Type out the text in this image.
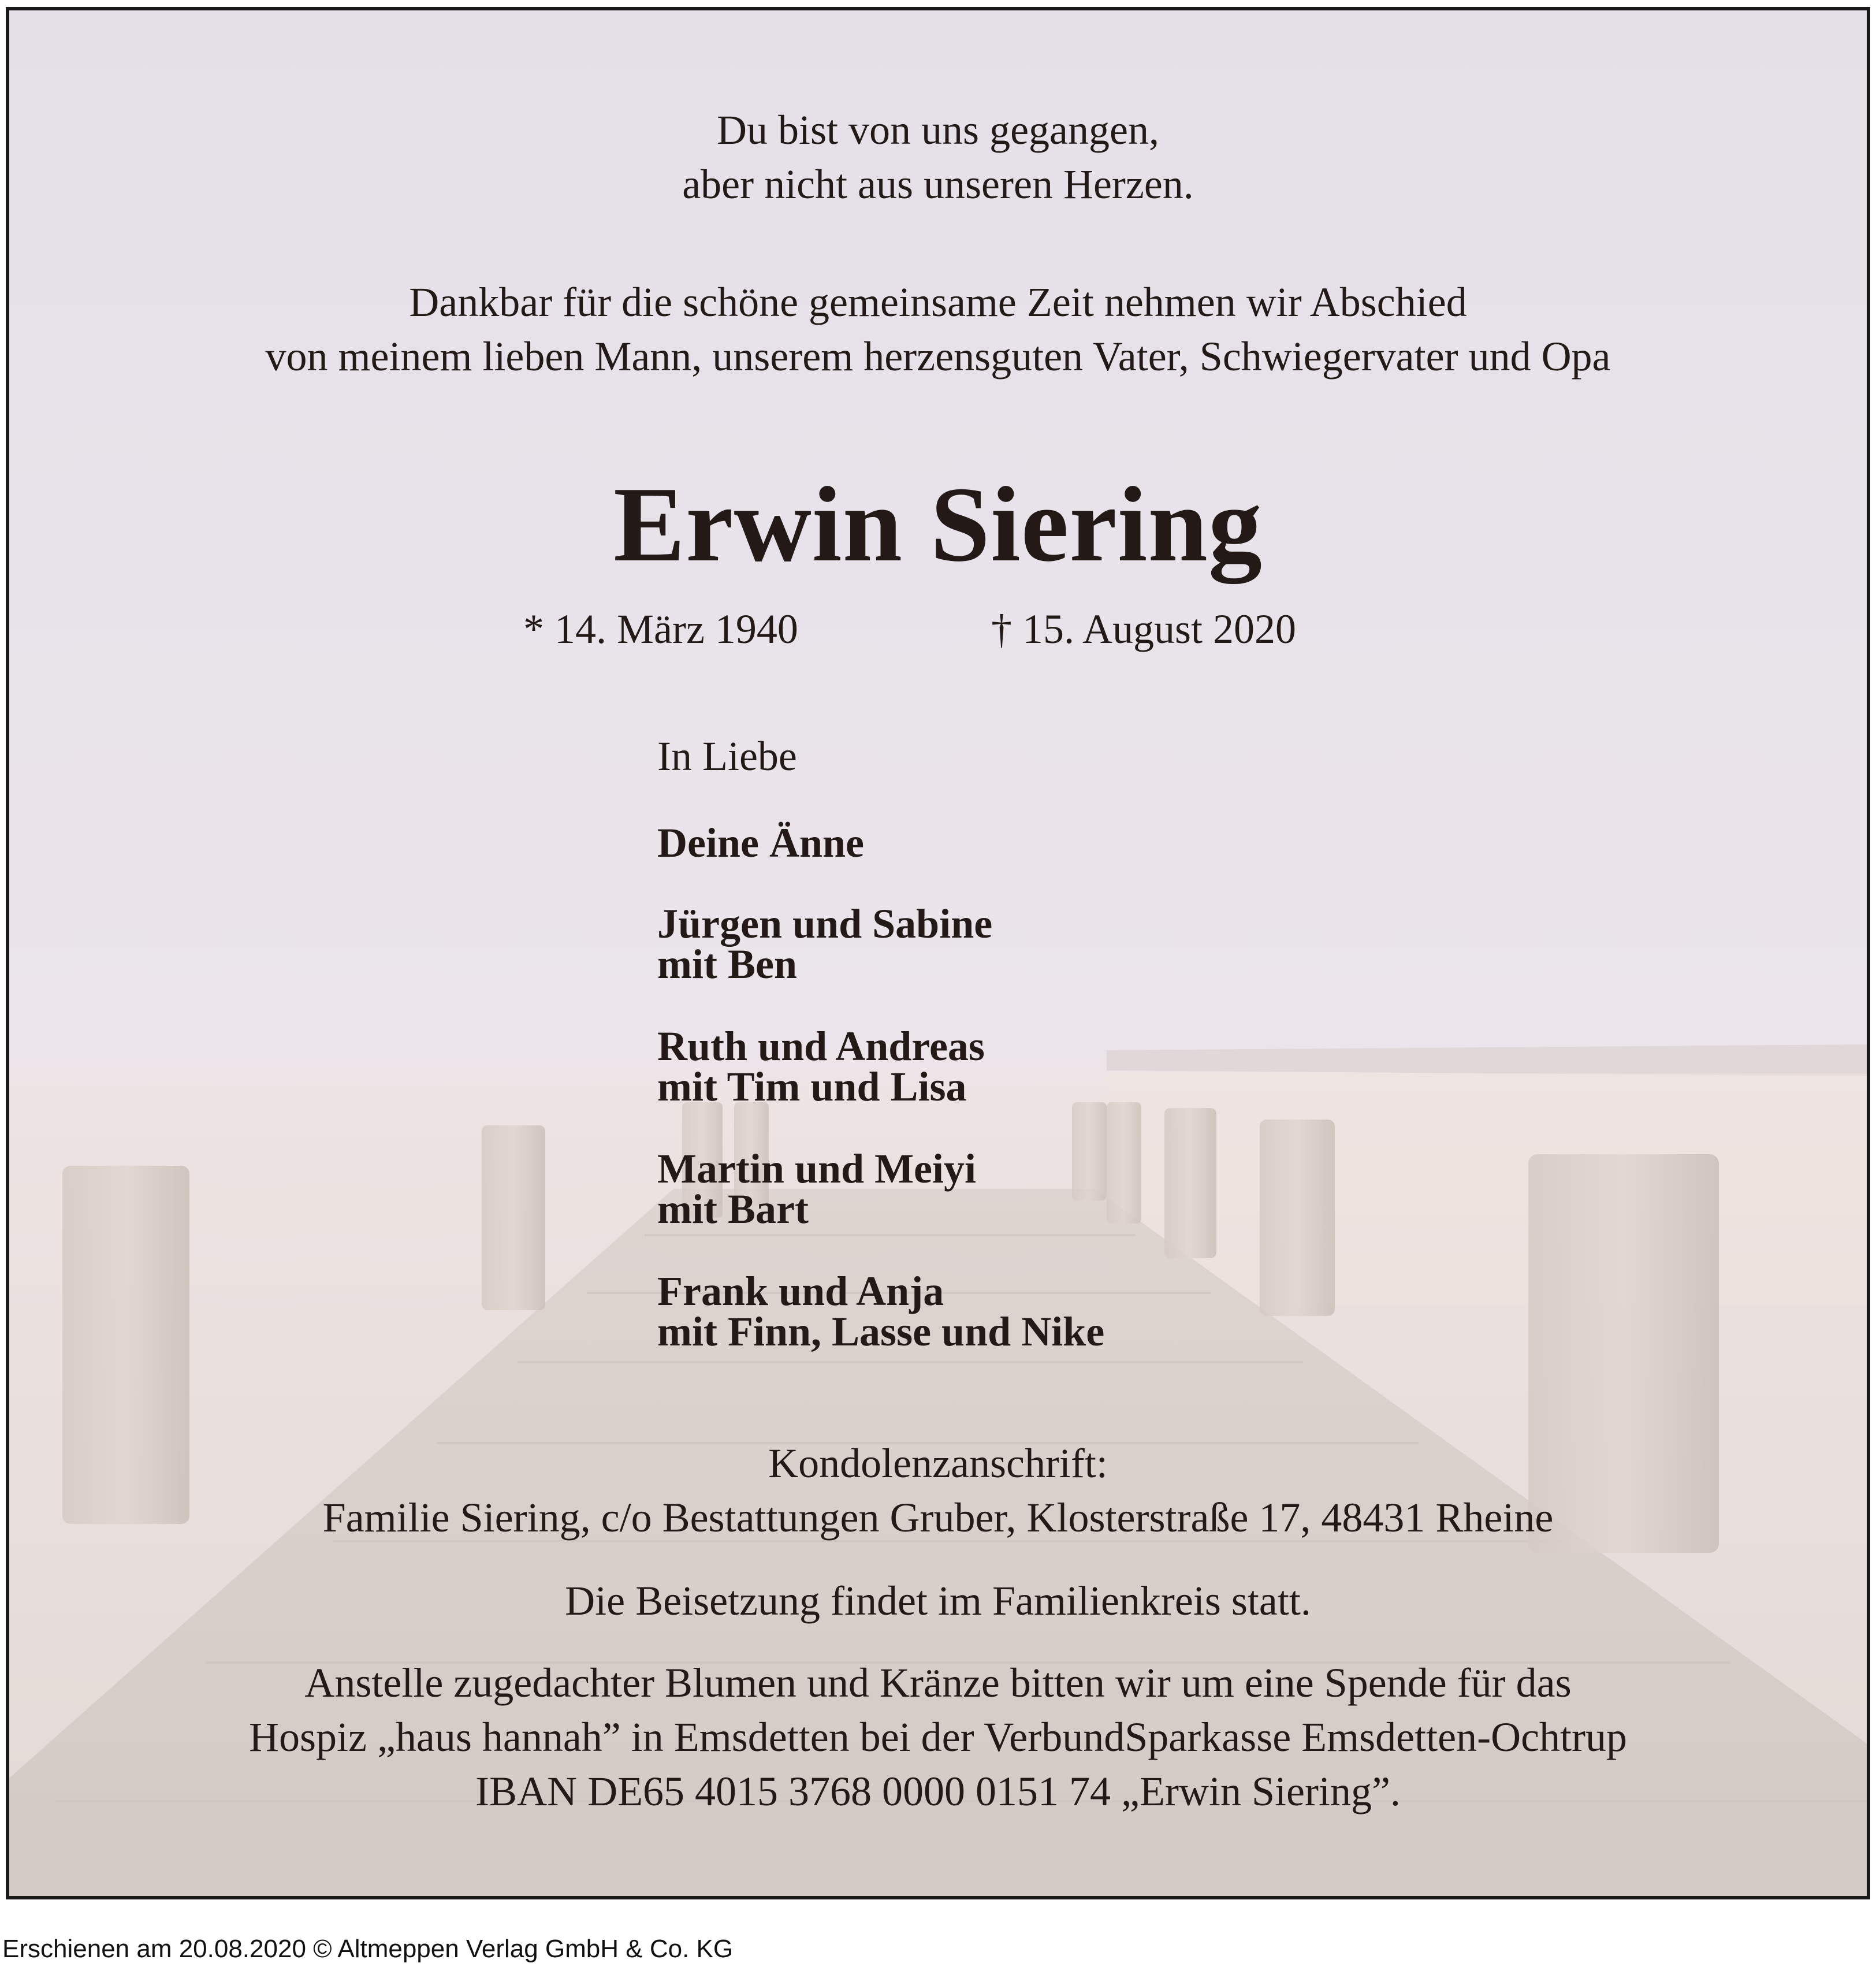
Du bist von uns gegangen,
aber nicht aus unseren Herzen.
Dankbar für die schöne gemeinsame Zeit nehmen wir Abschied
von meinem lieben Mann, unserem herzensguten Vater, Schwiegervater und Opa
Erwin Siering
* 14. März 1940	† 15. August 2020
In Liebe
Deine Änne
Jürgen und Sabine
mit Ben
Ruth und Andreas
mit Tim und Lisa
Martin und Meiyi
mit Bart
Frank und Anja
mit Finn, Lasse und Nike
Kondolenzanschrift:
Familie Siering, c/o Bestattungen Gruber, Klosterstraße 17, 48431 Rheine
Die Beisetzung findet im Familienkreis statt.
Anstelle zugedachter Blumen und Kränze bitten wir um eine Spende für das
Hospiz „haus hannah” in Emsdetten bei der VerbundSparkasse Emsdetten-Ochtrup
IBAN DE65 4015 3768 0000 0151 74 „Erwin Siering”.
Erschienen am 20.08.2020 © Altmeppen Verlag GmbH & Co. KG
